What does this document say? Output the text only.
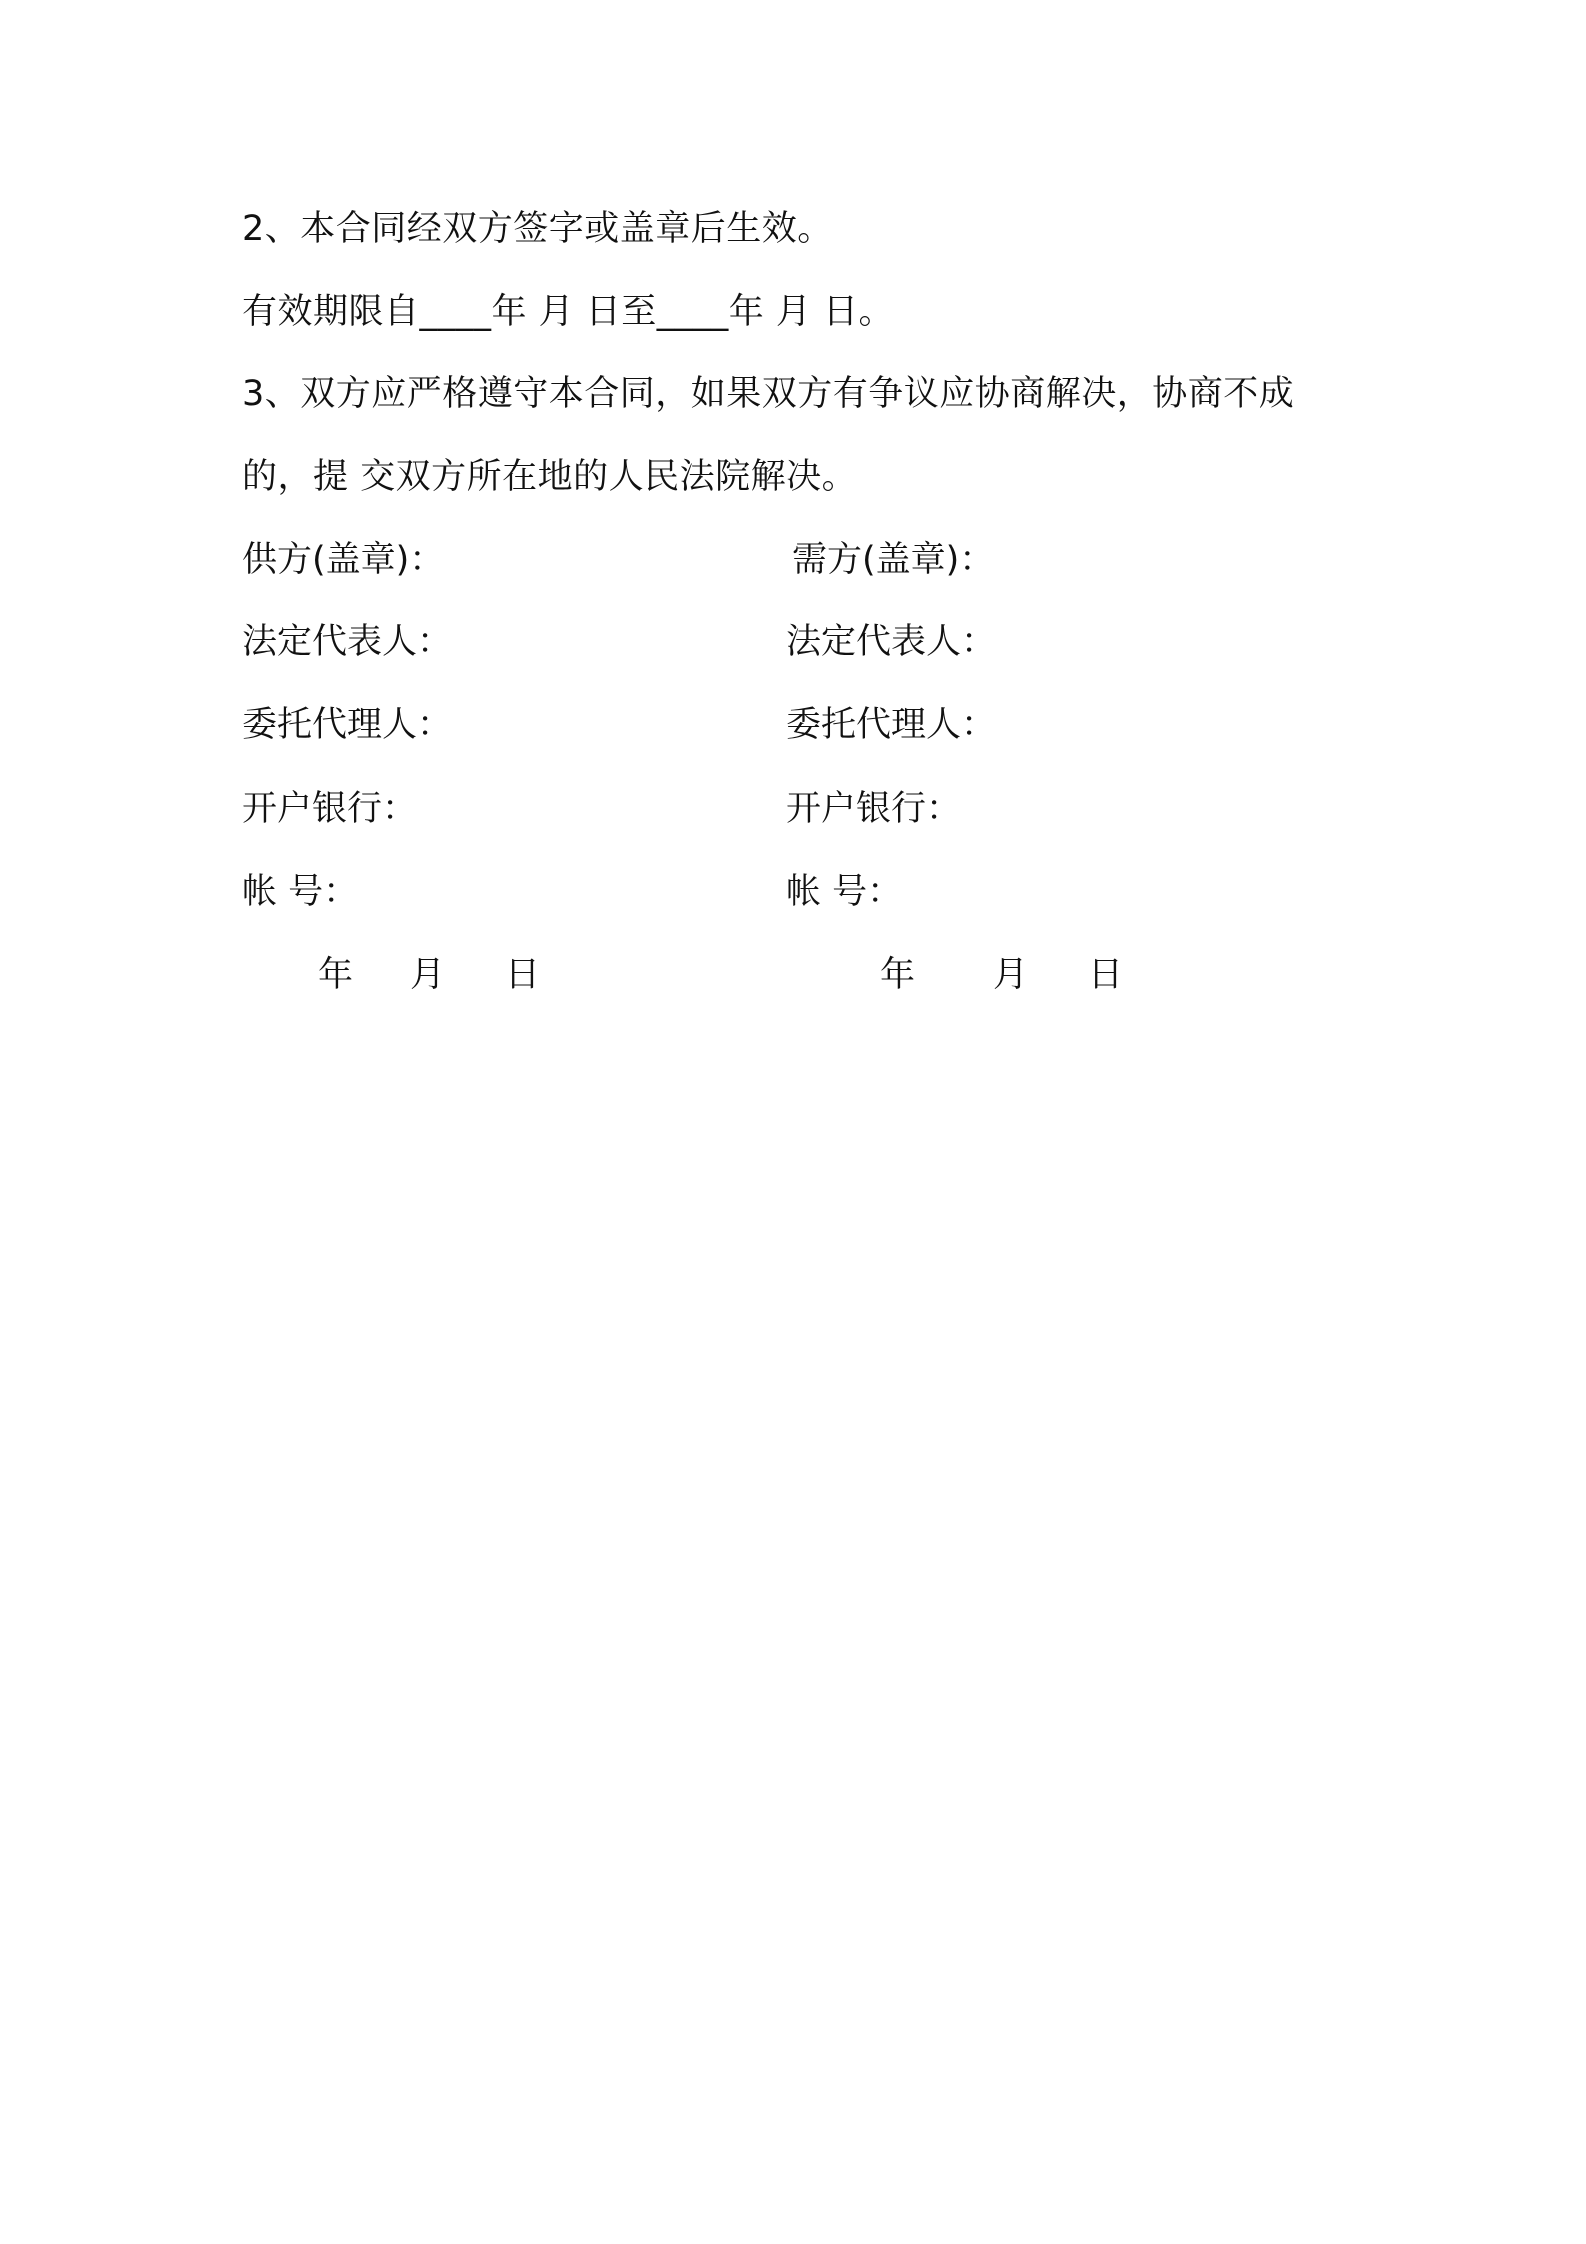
2、本合同经双方签字或盖章后生效。
有效期限自____年 月 日至____年 月 日。
3、双方应严格遵守本合同，如果双方有争议应协商解决，协商不成
的，提 交双方所在地的人民法院解决。
供方(盖章)：
法定代表人：
委托代理人：
开户银行：
帐 号：
需方(盖章)：
法定代表人：
委托代理人：
开户银行：
帐 号：
年 月 日	年 月 日
